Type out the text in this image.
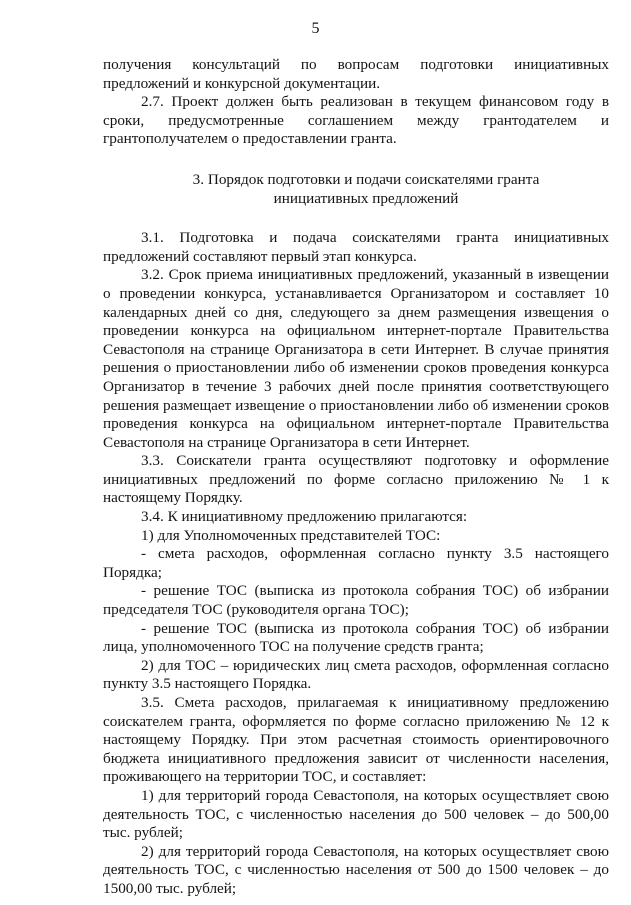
5

получения консультаций по вопросам подготовки инициативных предложений и конкурсной документации.

2.7. Проект должен быть реализован в текущем финансовом году в сроки, предусмотренные соглашением между грантодателем и грантополучателем о предоставлении гранта.

3. Порядок подготовки и подачи соискателями гранта
инициативных предложений

3.1. Подготовка и подача соискателями гранта инициативных предложений составляют первый этап конкурса.

3.2. Срок приема инициативных предложений, указанный в извещении о проведении конкурса, устанавливается Организатором и составляет 10 календарных дней со дня, следующего за днем размещения извещения о проведении конкурса на официальном интернет-портале Правительства Севастополя на странице Организатора в сети Интернет. В случае принятия решения о приостановлении либо об изменении сроков проведения конкурса Организатор в течение 3 рабочих дней после принятия соответствующего решения размещает извещение о приостановлении либо об изменении сроков проведения конкурса на официальном интернет-портале Правительства Севастополя на странице Организатора в сети Интернет.

3.3. Соискатели гранта осуществляют подготовку и оформление инициативных предложений по форме согласно приложению № 1 к настоящему Порядку.

3.4. К инициативному предложению прилагаются:

1) для Уполномоченных представителей ТОС:

- смета расходов, оформленная согласно пункту 3.5 настоящего Порядка;

- решение ТОС (выписка из протокола собрания ТОС) об избрании председателя ТОС (руководителя органа ТОС);

- решение ТОС (выписка из протокола собрания ТОС) об избрании лица, уполномоченного ТОС на получение средств гранта;

2) для ТОС – юридических лиц смета расходов, оформленная согласно пункту 3.5 настоящего Порядка.

3.5. Смета расходов, прилагаемая к инициативному предложению соискателем гранта, оформляется по форме согласно приложению № 12 к настоящему Порядку. При этом расчетная стоимость ориентировочного бюджета инициативного предложения зависит от численности населения, проживающего на территории ТОС, и составляет:

1) для территорий города Севастополя, на которых осуществляет свою деятельность ТОС, с численностью населения до 500 человек – до 500,00 тыс. рублей;

2) для территорий города Севастополя, на которых осуществляет свою деятельность ТОС, с численностью населения от 500 до 1500 человек – до 1500,00 тыс. рублей;
